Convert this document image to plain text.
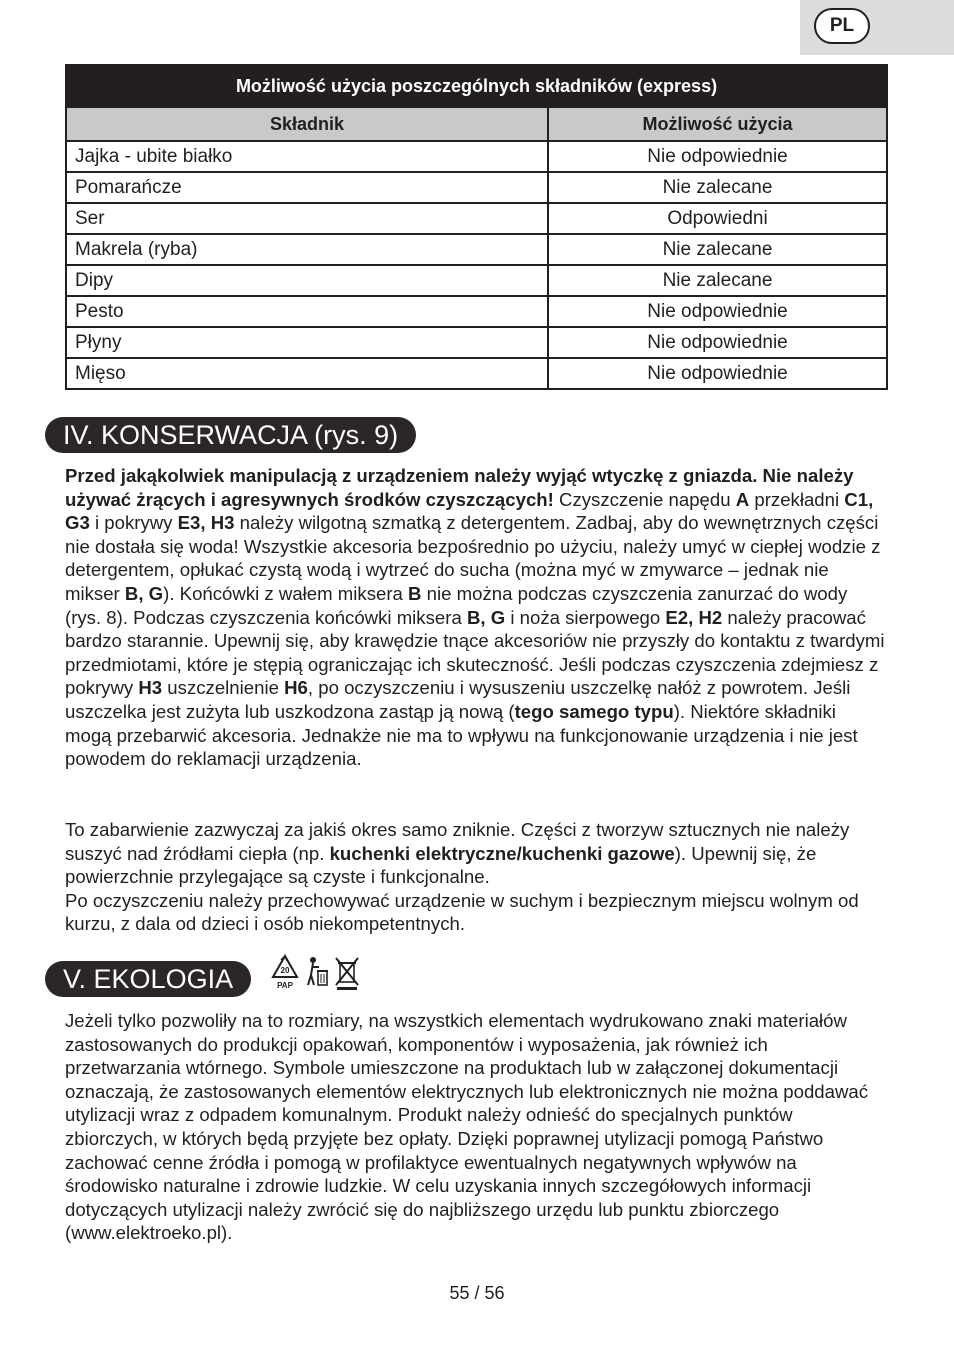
PL
Możliwość użycia poszczególnych składników (express)	
Składnik	Możliwość użycia
Jajka - ubite białko	Nie odpowiednie
Pomarańcze	Nie zalecane
Ser	Odpowiedni
Makrela (ryba)	Nie zalecane
Dipy	Nie zalecane
Pesto	Nie odpowiednie
Płyny	Nie odpowiednie
Mięso	Nie odpowiednie
IV. KONSERWACJA (rys. 9)

Przed jakąkolwiek manipulacją z urządzeniem należy wyjąć wtyczkę z gniazda. Nie należy używać żrących i agresywnych środków czyszczących! Czyszczenie napędu A przekładni C1, G3 i pokrywy E3, H3 należy wilgotną szmatką z detergentem. Zadbaj, aby do wewnętrznych części nie dostała się woda! Wszystkie akcesoria bezpośrednio po użyciu, należy umyć w ciepłej wodzie z detergentem, opłukać czystą wodą i wytrzeć do sucha (można myć w zmywarce – jednak nie mikser B, G). Końcówki z wałem miksera B nie można podczas czyszczenia zanurzać do wody (rys. 8). Podczas czyszczenia końcówki miksera B, G i noża sierpowego E2, H2 należy pracować bardzo starannie. Upewnij się, aby krawędzie tnące akcesoriów nie przyszły do kontaktu z twardymi przedmiotami, które je stępią ograniczając ich skuteczność. Jeśli podczas czyszczenia zdejmiesz z pokrywy H3 uszczelnienie H6, po oczyszczeniu i wysuszeniu uszczelkę nałóż z powrotem. Jeśli uszczelka jest zużyta lub uszkodzona zastąp ją nową (tego samego typu). Niektóre składniki mogą przebarwić akcesoria. Jednakże nie ma to wpływu na funkcjonowanie urządzenia i nie jest powodem do reklamacji urządzenia.

To zabarwienie zazwyczaj za jakiś okres samo zniknie. Części z tworzyw sztucznych nie należy suszyć nad źródłami ciepła (np. kuchenki elektryczne/kuchenki gazowe). Upewnij się, że powierzchnie przylegające są czyste i funkcjonalne.
Po oczyszczeniu należy przechowywać urządzenie w suchym i bezpiecznym miejscu wolnym od kurzu, z dala od dzieci i osób niekompetentnych.

V. EKOLOGIA	20
PAP

Jeżeli tylko pozwoliły na to rozmiary, na wszystkich elementach wydrukowano znaki materiałów zastosowanych do produkcji opakowań, komponentów i wyposażenia, jak również ich przetwarzania wtórnego. Symbole umieszczone na produktach lub w załączonej dokumentacji oznaczają, że zastosowanych elementów elektrycznych lub elektronicznych nie można poddawać utylizacji wraz z odpadem komunalnym. Produkt należy odnieść do specjalnych punktów zbiorczych, w których będą przyjęte bez opłaty. Dzięki poprawnej utylizacji pomogą Państwo zachować cenne źródła i pomogą w profilaktyce ewentualnych negatywnych wpływów na środowisko naturalne i zdrowie ludzkie. W celu uzyskania innych szczegółowych informacji dotyczących utylizacji należy zwrócić się do najbliższego urzędu lub punktu zbiorczego (www.elektroeko.pl).

55 / 56
